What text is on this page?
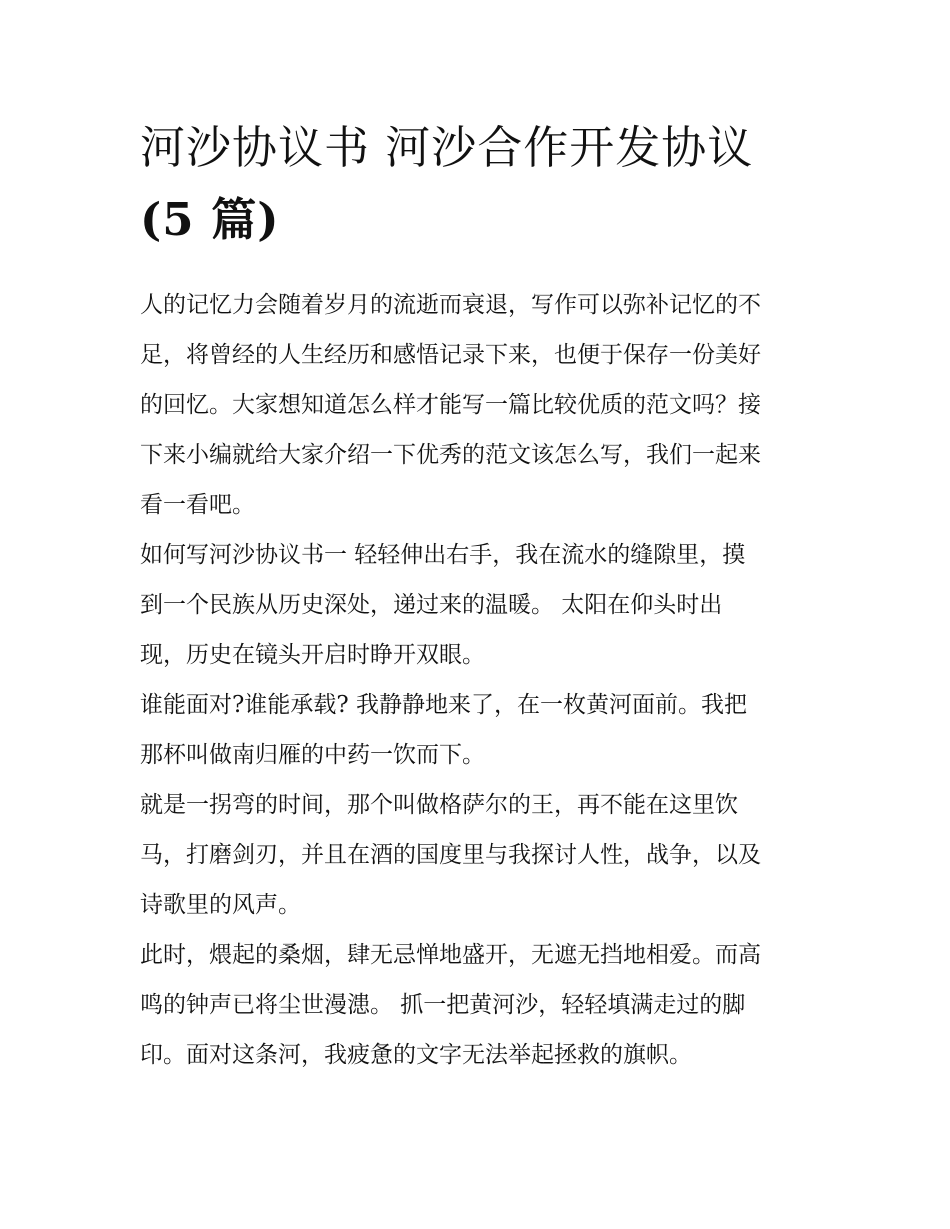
河沙协议书 河沙合作开发协议
(5 篇)

人的记忆力会随着岁月的流逝而衰退，写作可以弥补记忆的不
足，将曾经的人生经历和感悟记录下来，也便于保存一份美好
的回忆。大家想知道怎么样才能写一篇比较优质的范文吗？接
下来小编就给大家介绍一下优秀的范文该怎么写，我们一起来
看一看吧。

如何写河沙协议书一 轻轻伸出右手，我在流水的缝隙里，摸
到一个民族从历史深处，递过来的温暖。 太阳在仰头时出
现，历史在镜头开启时睁开双眼。

谁能面对?谁能承载? 我静静地来了，在一枚黄河面前。我把
那杯叫做南归雁的中药一饮而下。

就是一拐弯的时间，那个叫做格萨尔的王，再不能在这里饮
马，打磨剑刃，并且在酒的国度里与我探讨人性，战争，以及
诗歌里的风声。

此时，煨起的桑烟，肆无忌惮地盛开，无遮无挡地相爱。而高
鸣的钟声已将尘世漫漶。 抓一把黄河沙，轻轻填满走过的脚
印。面对这条河，我疲惫的文字无法举起拯救的旗帜。
